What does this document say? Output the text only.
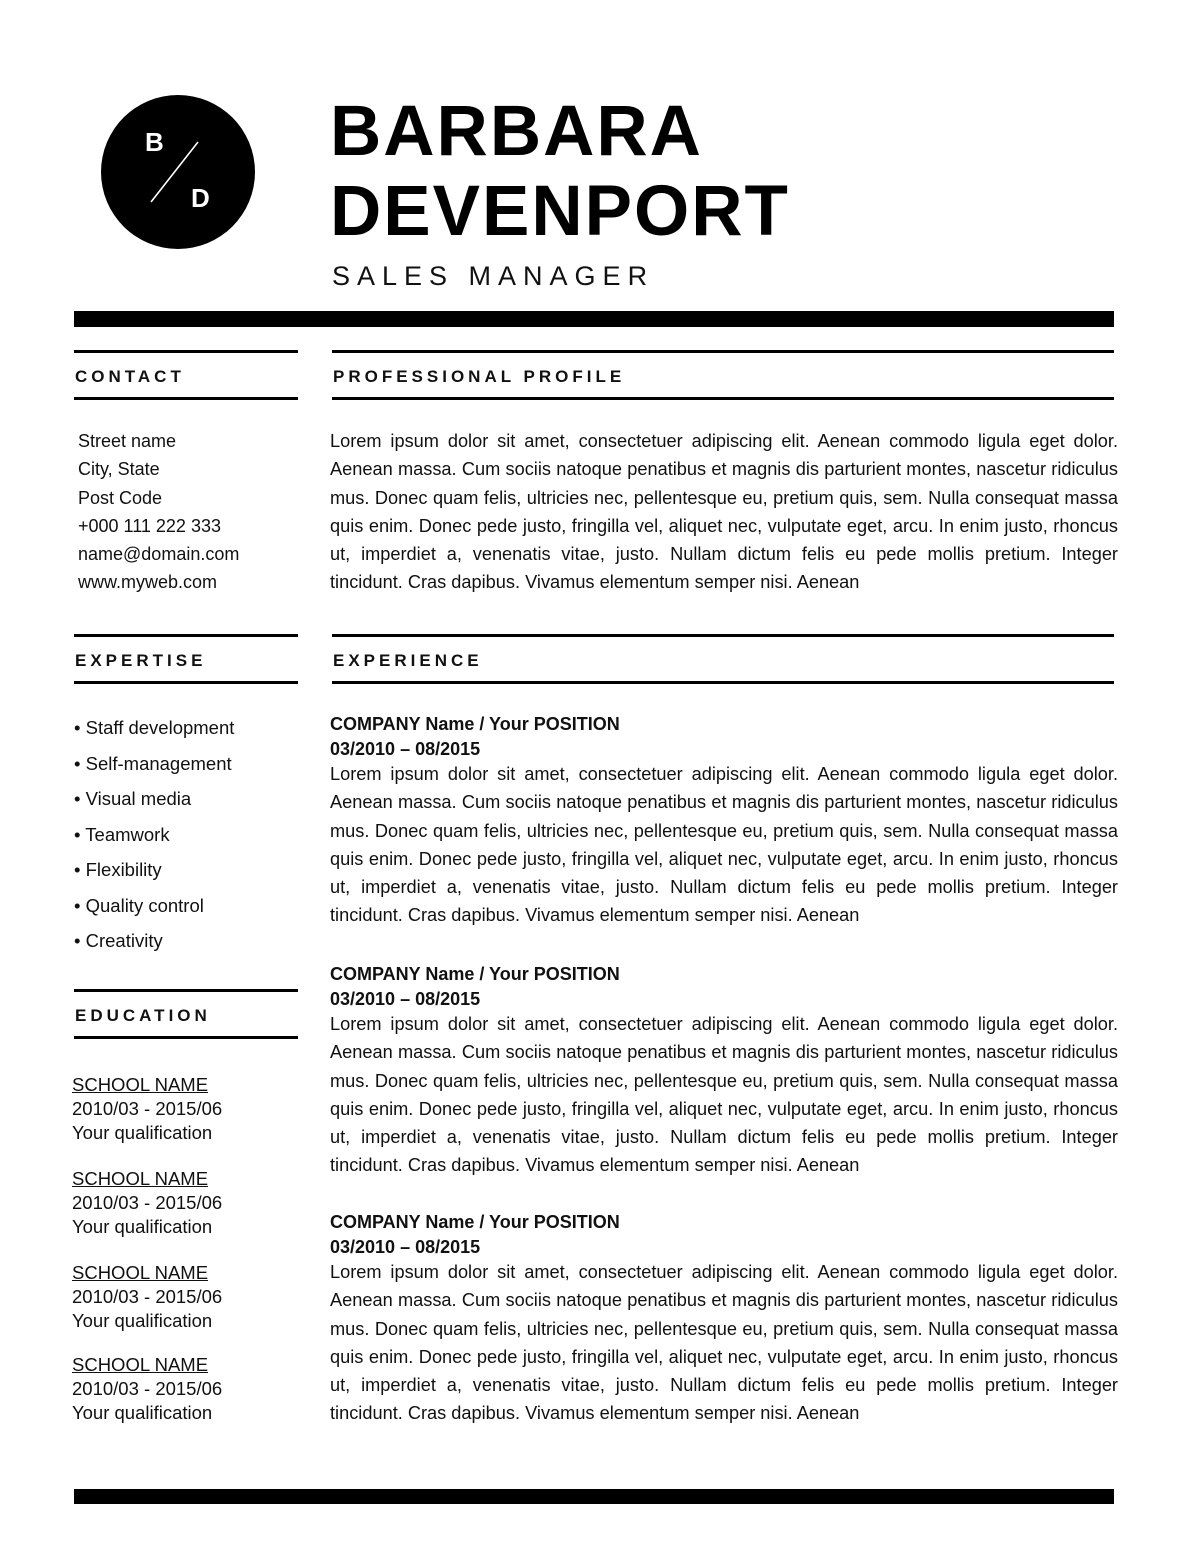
B
D
BARBARA
DEVENPORT
SALES MANAGER
CONTACT
Street name
City, State
Post Code
+000 111 222 333
name@domain.com
www.myweb.com
PROFESSIONAL PROFILE
Lorem ipsum dolor sit amet, consectetuer adipiscing elit. Aenean commodo ligula eget dolor. Aenean massa. Cum sociis natoque penatibus et magnis dis parturient montes, nascetur ridiculus mus. Donec quam felis, ultricies nec, pellentesque eu, pretium quis, sem. Nulla consequat massa quis enim. Donec pede justo, fringilla vel, aliquet nec, vulputate eget, arcu. In enim justo, rhoncus ut, imperdiet a, venenatis vitae, justo. Nullam dictum felis eu pede mollis pretium. Integer tincidunt. Cras dapibus. Vivamus elementum semper nisi. Aenean
EXPERTISE
• Staff development
• Self-management
• Visual media
• Teamwork
• Flexibility
• Quality control
• Creativity
EDUCATION
SCHOOL NAME
2010/03 - 2015/06
Your qualification
SCHOOL NAME
2010/03 - 2015/06
Your qualification
SCHOOL NAME
2010/03 - 2015/06
Your qualification
SCHOOL NAME
2010/03 - 2015/06
Your qualification
EXPERIENCE
COMPANY Name / Your POSITION
03/2010 – 08/2015
Lorem ipsum dolor sit amet, consectetuer adipiscing elit. Aenean commodo ligula eget dolor. Aenean massa. Cum sociis natoque penatibus et magnis dis parturient montes, nascetur ridiculus mus. Donec quam felis, ultricies nec, pellentesque eu, pretium quis, sem. Nulla consequat massa quis enim. Donec pede justo, fringilla vel, aliquet nec, vulputate eget, arcu. In enim justo, rhoncus ut, imperdiet a, venenatis vitae, justo. Nullam dictum felis eu pede mollis pretium. Integer tincidunt. Cras dapibus. Vivamus elementum semper nisi. Aenean
COMPANY Name / Your POSITION
03/2010 – 08/2015
Lorem ipsum dolor sit amet, consectetuer adipiscing elit. Aenean commodo ligula eget dolor. Aenean massa. Cum sociis natoque penatibus et magnis dis parturient montes, nascetur ridiculus mus. Donec quam felis, ultricies nec, pellentesque eu, pretium quis, sem. Nulla consequat massa quis enim. Donec pede justo, fringilla vel, aliquet nec, vulputate eget, arcu. In enim justo, rhoncus ut, imperdiet a, venenatis vitae, justo. Nullam dictum felis eu pede mollis pretium. Integer tincidunt. Cras dapibus. Vivamus elementum semper nisi. Aenean
COMPANY Name / Your POSITION
03/2010 – 08/2015
Lorem ipsum dolor sit amet, consectetuer adipiscing elit. Aenean commodo ligula eget dolor. Aenean massa. Cum sociis natoque penatibus et magnis dis parturient montes, nascetur ridiculus mus. Donec quam felis, ultricies nec, pellentesque eu, pretium quis, sem. Nulla consequat massa quis enim. Donec pede justo, fringilla vel, aliquet nec, vulputate eget, arcu. In enim justo, rhoncus ut, imperdiet a, venenatis vitae, justo. Nullam dictum felis eu pede mollis pretium. Integer tincidunt. Cras dapibus. Vivamus elementum semper nisi. Aenean
